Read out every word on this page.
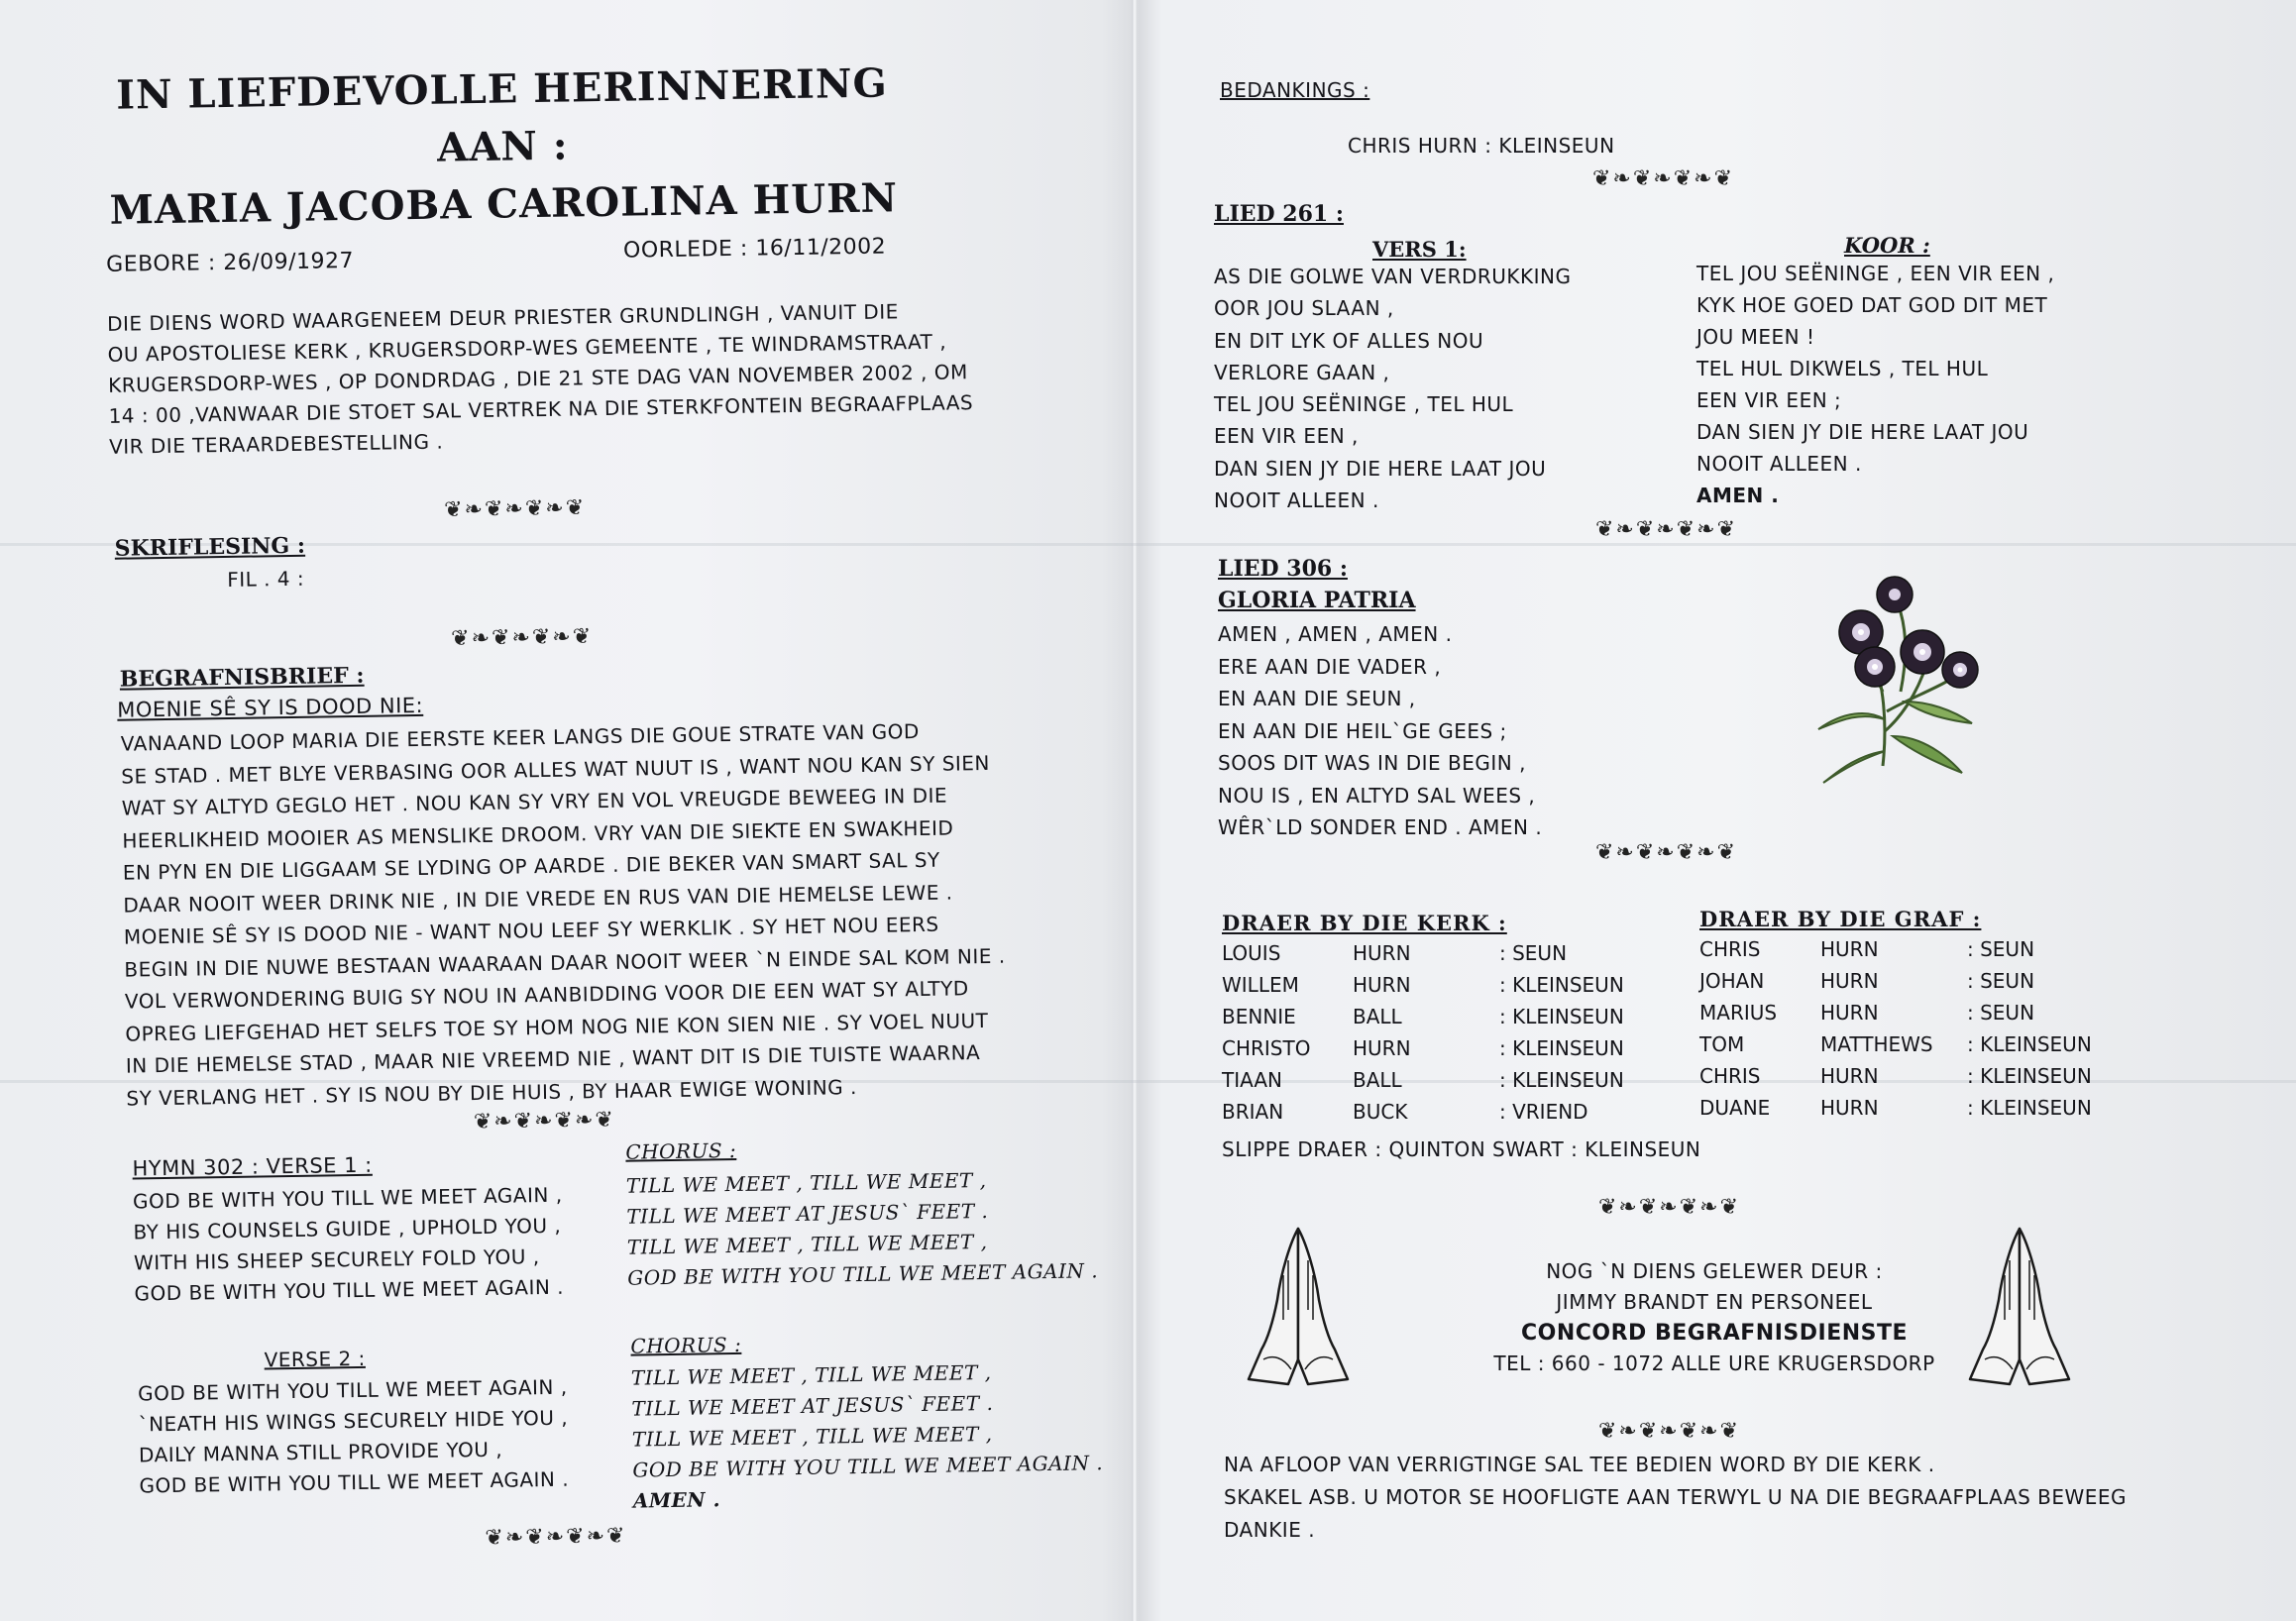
IN LIEFDEVOLLE HERINNERING AAN :

MARIA JACOBA CAROLINA HURN

GEBORE : 26/09/1927	OORLEDE : 16/11/2002
DIE DIENS WORD WAARGENEEM DEUR PRIESTER GRUNDLINGH , VANUIT DIE
OU APOSTOLIESE KERK , KRUGERSDORP-WES GEMEENTE , TE WINDRAMSTRAAT ,
KRUGERSDORP-WES , OP DONDRDAG , DIE 21 STE DAG VAN NOVEMBER 2002 , OM
14 : 00 ,VANWAAR DIE STOET SAL VERTREK NA DIE STERKFONTEIN BEGRAAFPLAAS
VIR DIE TERAARDEBESTELLING .
❦❧❦❧❦❧❦
SKRIFLESING :
FIL . 4 :
❦❧❦❧❦❧❦
BEGRAFNISBRIEF :
MOENIE SÊ SY IS DOOD NIE:
VANAAND LOOP MARIA DIE EERSTE KEER LANGS DIE GOUE STRATE VAN GOD
SE STAD . MET BLYE VERBASING OOR ALLES WAT NUUT IS , WANT NOU KAN SY SIEN
WAT SY ALTYD GEGLO HET . NOU KAN SY VRY EN VOL VREUGDE BEWEEG IN DIE
HEERLIKHEID MOOIER AS MENSLIKE DROOM. VRY VAN DIE SIEKTE EN SWAKHEID
EN PYN EN DIE LIGGAAM SE LYDING OP AARDE . DIE BEKER VAN SMART SAL SY
DAAR NOOIT WEER DRINK NIE , IN DIE VREDE EN RUS VAN DIE HEMELSE LEWE .
MOENIE SÊ SY IS DOOD NIE - WANT NOU LEEF SY WERKLIK . SY HET NOU EERS
BEGIN IN DIE NUWE BESTAAN WAARAAN DAAR NOOIT WEER `N EINDE SAL KOM NIE .
VOL VERWONDERING BUIG SY NOU IN AANBIDDING VOOR DIE EEN WAT SY ALTYD
OPREG LIEFGEHAD HET SELFS TOE SY HOM NOG NIE KON SIEN NIE . SY VOEL NUUT
IN DIE HEMELSE STAD , MAAR NIE VREEMD NIE , WANT DIT IS DIE TUISTE WAARNA
SY VERLANG HET . SY IS NOU BY DIE HUIS , BY HAAR EWIGE WONING .
❦❧❦❧❦❧❦
HYMN 302 : VERSE 1 :
GOD BE WITH YOU TILL WE MEET AGAIN ,
BY HIS COUNSELS GUIDE , UPHOLD YOU ,
WITH HIS SHEEP SECURELY FOLD YOU ,
GOD BE WITH YOU TILL WE MEET AGAIN .
CHORUS :
TILL WE MEET , TILL WE MEET ,
TILL WE MEET AT JESUS` FEET .
TILL WE MEET , TILL WE MEET ,
GOD BE WITH YOU TILL WE MEET AGAIN .
VERSE 2 :
GOD BE WITH YOU TILL WE MEET AGAIN ,
`NEATH HIS WINGS SECURELY HIDE YOU ,
DAILY MANNA STILL PROVIDE YOU ,
GOD BE WITH YOU TILL WE MEET AGAIN .
CHORUS :
TILL WE MEET , TILL WE MEET ,
TILL WE MEET AT JESUS` FEET .
TILL WE MEET , TILL WE MEET ,
GOD BE WITH YOU TILL WE MEET AGAIN .
AMEN .
❦❧❦❧❦❧❦
BEDANKINGS :
CHRIS HURN : KLEINSEUN
❦❧❦❧❦❧❦
LIED 261 :
VERS 1:
AS DIE GOLWE VAN VERDRUKKING
OOR JOU SLAAN ,
EN DIT LYK OF ALLES NOU
VERLORE GAAN ,
TEL JOU SEËNINGE , TEL HUL
EEN VIR EEN ,
DAN SIEN JY DIE HERE LAAT JOU
NOOIT ALLEEN .
KOOR :
TEL JOU SEËNINGE , EEN VIR EEN ,
KYK HOE GOED DAT GOD DIT MET
JOU MEEN !
TEL HUL DIKWELS , TEL HUL
EEN VIR EEN ;
DAN SIEN JY DIE HERE LAAT JOU
NOOIT ALLEEN .
AMEN .
❦❧❦❧❦❧❦
LIED 306 :
GLORIA PATRIA
AMEN , AMEN , AMEN .
ERE AAN DIE VADER ,
EN AAN DIE SEUN ,
EN AAN DIE HEIL`GE GEES ;
SOOS DIT WAS IN DIE BEGIN ,
NOU IS , EN ALTYD SAL WEES ,
WÊR`LD SONDER END . AMEN .
❦❧❦❧❦❧❦
DRAER BY DIE KERK :
LOUIS	HURN	: SEUN
WILLEM	HURN	: KLEINSEUN
BENNIE	BALL	: KLEINSEUN
CHRISTO	HURN	: KLEINSEUN
TIAAN	BALL	: KLEINSEUN
BRIAN	BUCK	: VRIEND
SLIPPE DRAER : QUINTON SWART : KLEINSEUN
DRAER BY DIE GRAF :
CHRIS	HURN	: SEUN
JOHAN	HURN	: SEUN
MARIUS	HURN	: SEUN
TOM	MATTHEWS	: KLEINSEUN
CHRIS	HURN	: KLEINSEUN
DUANE	HURN	: KLEINSEUN
❦❧❦❧❦❧❦
NOG `N DIENS GELEWER DEUR :
JIMMY BRANDT EN PERSONEEL
CONCORD BEGRAFNISDIENSTE
TEL : 660 - 1072 ALLE URE KRUGERSDORP
❦❧❦❧❦❧❦
NA AFLOOP VAN VERRIGTINGE SAL TEE BEDIEN WORD BY DIE KERK .
SKAKEL ASB. U MOTOR SE HOOFLIGTE AAN TERWYL U NA DIE BEGRAAFPLAAS BEWEEG
DANKIE .
